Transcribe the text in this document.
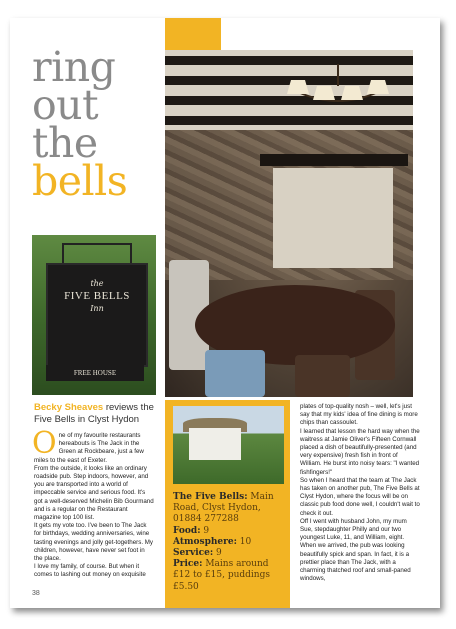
ring
out
the
bells
the
FIVE BELLS
Inn
FREE HOUSE
Becky Sheaves reviews the Five Bells in Clyst Hydon

One of my favourite restaurants hereabouts is The Jack in the Green at Rockbeare, just a few miles to the east of Exeter.

From the outside, it looks like an ordinary roadside pub. Step indoors, however, and you are transported into a world of impeccable service and serious food. It's got a well-deserved Michelin Bib Gourmand and is a regular on the Restaurant magazine top 100 list.

It gets my vote too. I've been to The Jack for birthdays, wedding anniversaries, wine tasting evenings and jolly get-togethers. My children, however, have never set foot in the place.

I love my family, of course. But when it comes to lashing out money on exquisite

The Five Bells: Main Road, Clyst Hydon, 01884 277288
Food: 9
Atmosphere: 10
Service: 9
Price: Mains around £12 to £15, puddings £5.50

plates of top-quality nosh – well, let's just say that my kids' idea of fine dining is more chips than cassoulet.

I learned that lesson the hard way when the waitress at Jamie Oliver's Fifteen Cornwall placed a dish of beautifully-presented (and very expensive) fresh fish in front of William. He burst into noisy tears: "I wanted fishfingers!"

So when I heard that the team at The Jack has taken on another pub, The Five Bells at Clyst Hydon, where the focus will be on classic pub food done well, I couldn't wait to check it out.

Off I went with husband John, my mum Sue, stepdaughter Philly and our two youngest Luke, 11, and William, eight.

When we arrived, the pub was looking beautifully spick and span. In fact, it is a prettier place than The Jack, with a charming thatched roof and small-paned windows,

38
